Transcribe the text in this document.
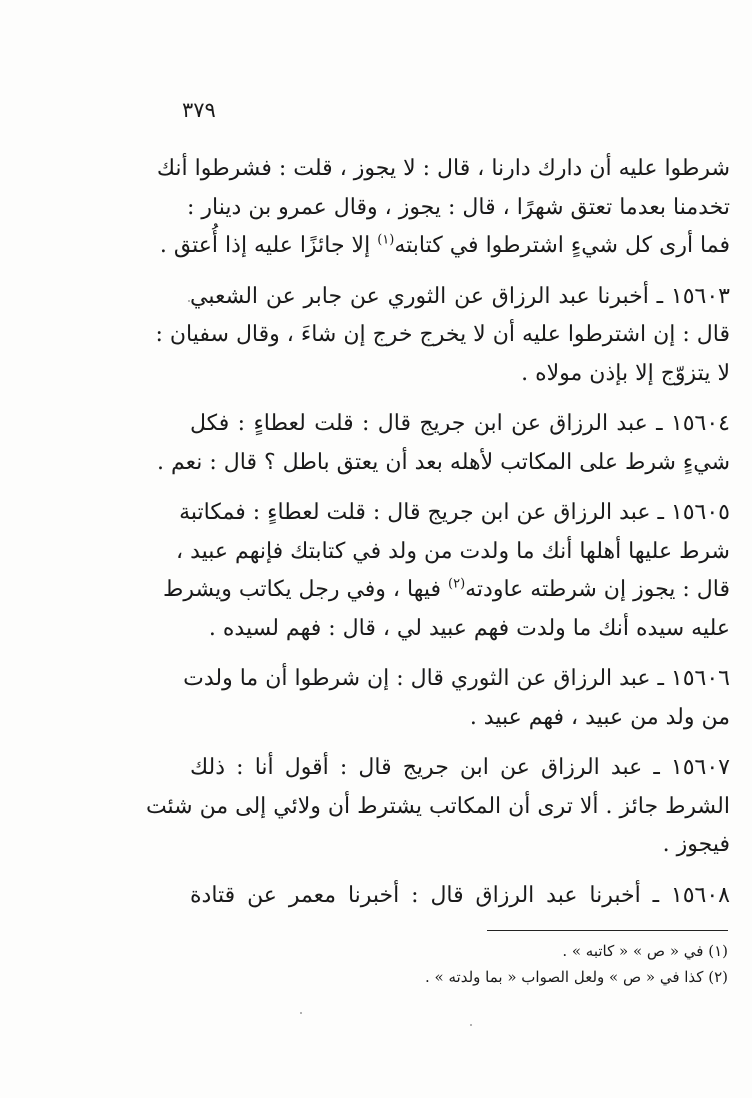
٣٧٩
شرطوا عليه أن دارك دارنا ، قال : لا يجوز ، قلت : فشرطوا أنك
تخدمنا بعدما تعتق شهرًا ، قال : يجوز ، وقال عمرو بن دينار :
فما أرى كل شيءٍ اشترطوا في كتابته$^{(١)}$ إلا جائزًا عليه إذا أُعتق .
١٥٦٠٣ ـ أخبرنا عبد الرزاق عن الثوري عن جابر عن الشعبي
قال : إن اشترطوا عليه أن لا يخرج خرج إن شاءَ ، وقال سفيان :
لا يتزوّج إلا بإذن مولاه .
١٥٦٠٤ ـ عبد الرزاق عن ابن جريج قال : قلت لعطاءٍ : فكل
شيءٍ شرط على المكاتب لأهله بعد أن يعتق باطل ؟ قال : نعم .
١٥٦٠٥ ـ عبد الرزاق عن ابن جريج قال : قلت لعطاءٍ : فمكاتبة
شرط عليها أهلها أنك ما ولدت من ولد في كتابتك فإنهم عبيد ،
قال : يجوز إن شرطته عاودته$^{(٢)}$ فيها ، وفي رجل يكاتب ويشرط
عليه سيده أنك ما ولدت فهم عبيد لي ، قال : فهم لسيده .
١٥٦٠٦ ـ عبد الرزاق عن الثوري قال : إن شرطوا أن ما ولدت
من ولد من عبيد ، فهم عبيد .
١٥٦٠٧ ـ عبد الرزاق عن ابن جريج قال : أقول أنا : ذلك
الشرط جائز . ألا ترى أن المكاتب يشترط أن ولائي إلى من شئت
فيجوز .
١٥٦٠٨ ـ أخبرنا عبد الرزاق قال : أخبرنا معمر عن قتادة
(١) في « ص » « كاتبه » .
(٢) كذا في « ص » ولعل الصواب « بما ولدته » .
